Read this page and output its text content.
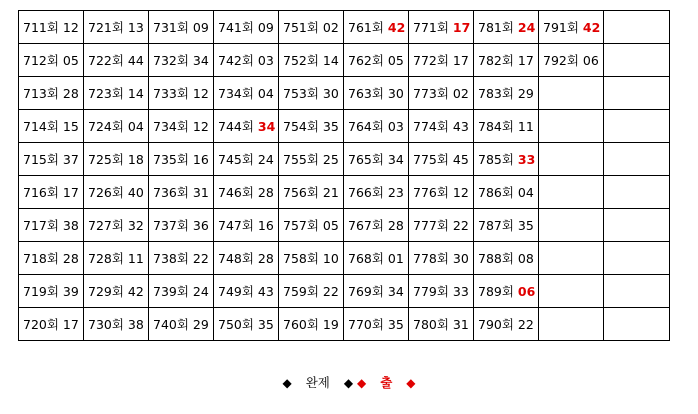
711회 12	721회 13	731회 09	741회 09	751회 02	761회 42	771회 17	781회 24	791회 42	
712회 05	722회 44	732회 34	742회 03	752회 14	762회 05	772회 17	782회 17	792회 06	
713회 28	723회 14	733회 12	734회 04	753회 30	763회 30	773회 02	783회 29		
714회 15	724회 04	734회 12	744회 34	754회 35	764회 03	774회 43	784회 11		
715회 37	725회 18	735회 16	745회 24	755회 25	765회 34	775회 45	785회 33		
716회 17	726회 40	736회 31	746회 28	756회 21	766회 23	776회 12	786회 04		
717회 38	727회 32	737회 36	747회 16	757회 05	767회 28	777회 22	787회 35		
718회 28	728회 11	738회 22	748회 28	758회 10	768회 01	778회 30	788회 08		
719회 39	729회 42	739회 24	749회 43	759회 22	769회 34	779회 33	789회 06		
720회 17	730회 38	740회 29	750회 35	760회 19	770회 35	780회 31	790회 22		
◆ 완제 ◆ ◆ 출 ◆
